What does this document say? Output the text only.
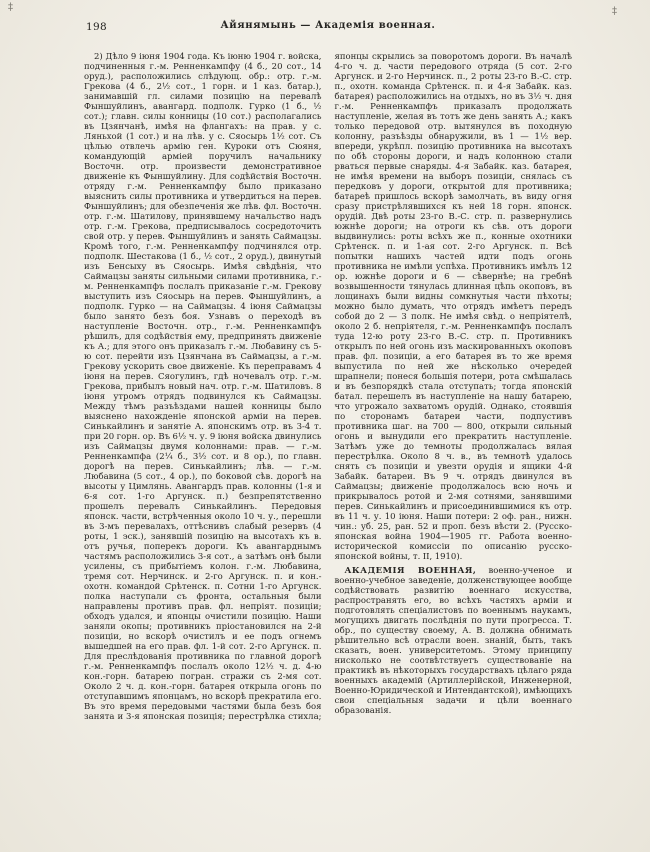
‡	‡
198	Айянямынь — Академія военная.

2) Дѣло 9 іюня 1904 года. Къ іюню 1904 г. войска, подчиненныя г.-м. Ренненкампфу (4 б., 20 сот., 14 оруд.), расположились слѣдующ. обр.: отр. г.-м. Грекова (4 б., 2½ сот., 1 горн. и 1 каз. батар.), занимавшій гл. силами позицію на перевалѣ Фыншуйлинъ, авангард. подполк. Гурко (1 б., ½ сот.); главн. силы конницы (10 сот.) располагались въ Цзянчанѣ, имѣя на флангахъ: на прав. у с. Ляньхой (1 сот.) и на лѣв. у с. Сяосырь 1½ сот. Съ цѣлью отвлечь армію ген. Куроки отъ Сюяня, командующій арміей поручилъ начальнику Восточн. отр. произвести демонстративное движеніе къ Фыншуйлину. Для содѣйствія Восточн. отряду г.-м. Ренненкампфу было приказано выяснить силы противника и утвердиться на перев. Фыншуйлинъ; для обезпеченія же лѣв. фл. Восточн. отр. г.-м. Шатилову, принявшему начальство надъ отр. г.-м. Грекова, предписывалось сосредоточить свой отр. у перев. Фыншуйлинъ и занять Саймацзы. Кромѣ того, г.-м. Ренненкампфу подчинялся отр. подполк. Шестакова (1 б., ½ сот., 2 оруд.), двинутый изъ Бенсыху въ Сяосырь. Имѣя свѣдѣнія, что Саймацзы заняты сильными силами противника, г.-м. Ренненкампфъ послалъ приказаніе г.-м. Грекову выступить изъ Сяосырь на перев. Фыншуйлинъ, а подполк. Гурко — на Саймацзы. 4 іюня Саймацзы было занято безъ боя. Узнавъ о переходѣ въ наступленіе Восточн. отр., г.-м. Ренненкампфъ рѣшилъ, для содѣйствія ему, предпринять движеніе къ А.; для этого онъ приказалъ г.-м. Любавину съ 5-ю сот. перейти изъ Цзянчана въ Саймацзы, а г.-м. Грекову ускорить свое движеніе. Къ переправамъ 4 іюня на перев. Сяогулинъ, гдѣ ночевалъ отр. г.-м. Грекова, прибылъ новый нач. отр. г.-м. Шатиловъ. 8 іюня утромъ отрядъ подвинулся къ Саймацзы. Между тѣмъ разъѣздами нашей конницы было выяснено нахожденіе японской арміи на перев. Синькайлинъ и занятіе А. японскимъ отр. въ 3-4 т. при 20 горн. ор. Въ 6½ ч. у. 9 іюня войска двинулись изъ Саймацзы двумя колоннами: прав. — г.-м. Ренненкампфа (2¼ б., 3½ сот. и 8 ор.), по главн. дорогѣ на перев. Синькайлинъ; лѣв. — г.-м. Любавина (5 сот., 4 ор.), по боковой сѣв. дорогѣ на высоты у Цимлянь. Авангардъ прав. колонны (1-я и 6-я сот. 1-го Аргунск. п.) безпрепятственно прошелъ перевалъ Синькайлинъ. Передовыя японск. части, встрѣченныя около 10 ч. у., перешли въ 3-мъ перевалахъ, оттѣснивъ слабый резервъ (4 роты, 1 эск.), занявшій позицію на высотахъ къ в. отъ ручья, поперекъ дороги. Къ авангарднымъ частямъ расположились 3-я сот., а затѣмъ онѣ были усилены, съ прибытіемъ колон. г.-м. Любавина, тремя сот. Нерчинск. и 2-го Аргунск. п. и кон.-охотн. командой Срѣтенск. п. Сотни 1-го Аргунск. полка наступали съ фронта, остальныя были направлены противъ прав. фл. непріят. позиціи; обходъ удался, и японцы очистили позицію. Наши заняли окопы; противникъ пріостановился на 2-й позиціи, но вскорѣ очистилъ и ее подъ огнемъ вышедшей на его прав. фл. 1-й сот. 2-го Аргунск. п. Для преслѣдованія противника по главной дорогѣ г.-м. Ренненкампфъ послалъ около 12½ ч. д. 4-ю кон.-горн. батарею погран. стражи съ 2-мя сот. Около 2 ч. д. кон.-горн. батарея открыла огонь по отступавшимъ японцамъ, но вскорѣ прекратила его. Въ это время передовыми частями была безъ боя занята и 3-я японская позиція; перестрѣлка стихла; японцы скрылись за поворотомъ дороги. Въ началѣ 4-го ч. д. части передового отряда (5 сот. 2-го Аргунск. и 2-го Нерчинск. п., 2 роты 23-го В.-С. стр. п., охотн. команда Срѣтенск. п. и 4-я Забайк. каз. батарея) расположились на отдыхъ, но въ 3½ ч. дня г.-м. Ренненкампфъ приказалъ продолжать наступленіе, желая въ тотъ же день занять А.; какъ только передовой отр. вытянулся въ походную колонну, разъѣзды обнаружили, въ 1 — 1½ вер. впереди, укрѣпл. позицію противника на высотахъ по обѣ стороны дороги, и надъ колонною стали рваться первые снаряды. 4-я Забайк. каз. батарея, не имѣя времени на выборъ позиціи, снялась съ передковъ у дороги, открытой для противника; батареѣ пришлось вскорѣ замолчать, въ виду огня сразу пристрѣлявшихся къ ней 18 горн. японск. орудій. Двѣ роты 23-го В.-С. стр. п. развернулись южнѣе дороги; на отроги къ сѣв. отъ дороги выдвинулись: роты всѣхъ же п., конные охотники Срѣтенск. п. и 1-ая сот. 2-го Аргунск. п. Всѣ попытки нашихъ частей идти подъ огонь противника не имѣли успѣха. Противникъ имѣлъ 12 ор. южнѣе дороги и 6 — сѣвернѣе; на гребнѣ возвышенности тянулась длинная цѣпь окоповъ, въ лощинахъ были видны сомкнутыя части пѣхоты; можно было думать, что отрядъ имѣетъ передъ собой до 2 — 3 полк. Не имѣя свѣд. о непріятелѣ, около 2 б. непріятеля, г.-м. Ренненкампфъ послалъ туда 12-ю роту 23-го В.-С. стр. п. Противникъ открылъ по ней огонь изъ маскированныхъ окоповъ прав. фл. позиціи, а его батарея въ то же время выпустила по ней же нѣсколько очередей шрапнели; понеся большія потери, рота смѣшалась и въ безпорядкѣ стала отступать; тогда японскій батал. перешелъ въ наступленіе на нашу батарею, что угрожало захватомъ орудій. Однако, стоявшія по сторонамъ батареи части, подпустивъ противника шаг. на 700 — 800, открыли сильный огонь и вынудили его прекратить наступленіе. Затѣмъ уже до темноты продолжалась вялая перестрѣлка. Около 8 ч. в., въ темнотѣ удалось снять съ позиціи и увезти орудія и ящики 4-й Забайк. батареи. Въ 9 ч. отрядъ двинулся въ Саймацзы; движеніе продолжалось всю ночь и прикрывалось ротой и 2-мя сотнями, занявшими перев. Синькайлинъ и присоединившимися къ отр. въ 11 ч. у. 10 іюня. Наши потери: 2 оф. ран., нижн. чин.: уб. 25, ран. 52 и проп. безъ вѣсти 2. (Русско-японская война 1904—1905 гг. Работа военно-исторической комиссіи по описанію русско-японской войны, т. II, 1910).

АКАДЕМІЯ ВОЕННАЯ, военно-ученое и военно-учебное заведеніе, долженствующее вообще содѣйствовать развитію военнаго искусства, распространять его, во всѣхъ частяхъ арміи и подготовлять спеціалистовъ по военнымъ наукамъ, могущихъ двигать послѣднія по пути прогресса. Т. обр., по существу своему, А. В. должна обнимать рѣшительно всѣ отрасли воен. знаній, быть, такъ сказать, воен. университетомъ. Этому принципу нисколько не соотвѣтствуетъ существованіе на практикѣ въ нѣкоторыхъ государствахъ цѣлаго ряда военныхъ академій (Артиллерійской, Инженерной, Военно-Юридической и Интендантской), имѣющихъ свои спеціальныя задачи и цѣли военнаго образованія.
